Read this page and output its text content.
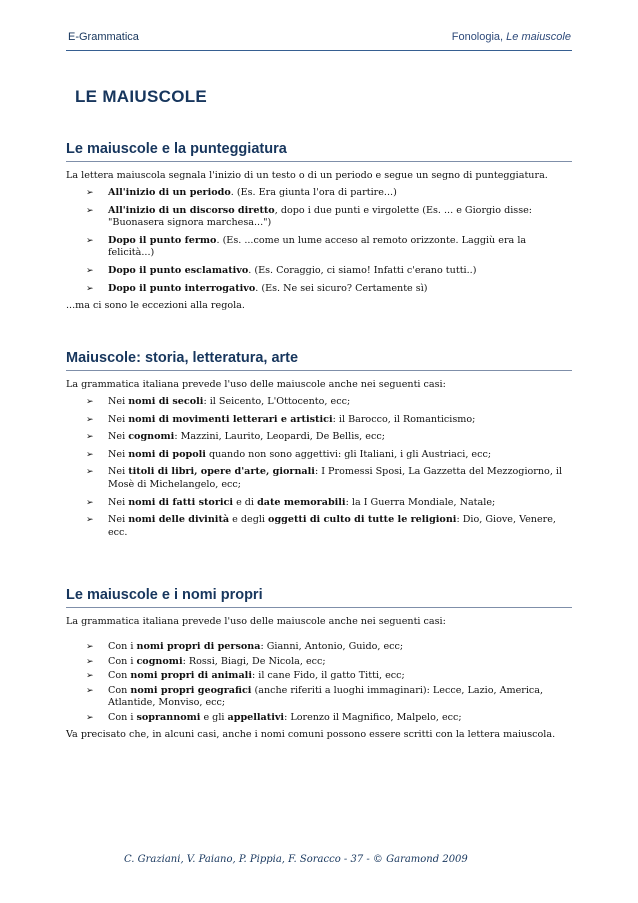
E-Grammatica	Fonologia, Le maiuscole
LE MAIUSCOLE
Le maiuscole e la punteggiatura

La lettera maiuscola segnala l'inizio di un testo o di un periodo e segue un segno di punteggiatura.

➢ All'inizio di un periodo. (Es. Era giunta l'ora di partire...)
➢ All'inizio di un discorso diretto, dopo i due punti e virgolette (Es. ... e Giorgio disse: "Buonasera signora marchesa...")
➢ Dopo il punto fermo. (Es. ...come un lume acceso al remoto orizzonte. Laggiù era la felicità...)
➢ Dopo il punto esclamativo. (Es. Coraggio, ci siamo! Infatti c'erano tutti..)
➢ Dopo il punto interrogativo. (Es. Ne sei sicuro? Certamente sì)

...ma ci sono le eccezioni alla regola.

Maiuscole: storia, letteratura, arte

La grammatica italiana prevede l'uso delle maiuscole anche nei seguenti casi:

➢ Nei nomi di secoli: il Seicento, L'Ottocento, ecc;
➢ Nei nomi di movimenti letterari e artistici: il Barocco, il Romanticismo;
➢ Nei cognomi: Mazzini, Laurito, Leopardi, De Bellis, ecc;
➢ Nei nomi di popoli quando non sono aggettivi: gli Italiani, i gli Austriaci, ecc;
➢ Nei titoli di libri, opere d'arte, giornali: I Promessi Sposi, La Gazzetta del Mezzogiorno, il Mosè di Michelangelo, ecc;
➢ Nei nomi di fatti storici e di date memorabili: la I Guerra Mondiale, Natale;
➢ Nei nomi delle divinità e degli oggetti di culto di tutte le religioni: Dio, Giove, Venere, ecc.
Le maiuscole e i nomi propri

La grammatica italiana prevede l'uso delle maiuscole anche nei seguenti casi:

➢ Con i nomi propri di persona: Gianni, Antonio, Guido, ecc;
➢ Con i cognomi: Rossi, Biagi, De Nicola, ecc;
➢ Con nomi propri di animali: il cane Fido, il gatto Titti, ecc;
➢ Con nomi propri geografici (anche riferiti a luoghi immaginari): Lecce, Lazio, America, Atlantide, Monviso, ecc;
➢ Con i soprannomi e gli appellativi: Lorenzo il Magnifico, Malpelo, ecc;

Va precisato che, in alcuni casi, anche i nomi comuni possono essere scritti con la lettera maiuscola.

C. Graziani, V. Paiano, P. Pippia, F. Soracco - 37 - © Garamond 2009
